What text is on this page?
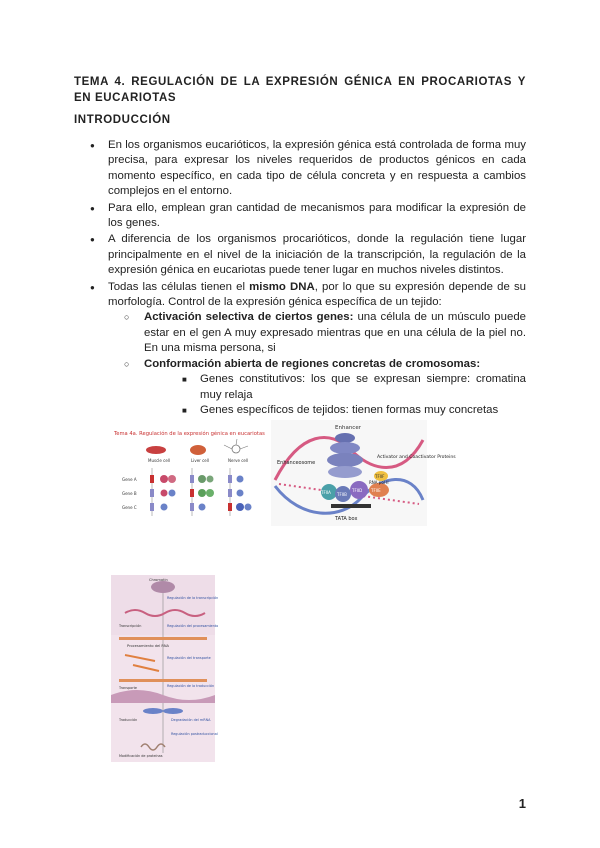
TEMA 4. REGULACIÓN DE LA EXPRESIÓN GÉNICA EN PROCARIOTAS Y EN EUCARIOTAS
INTRODUCCIÓN
● En los organismos eucarióticos, la expresión génica está controlada de forma muy precisa, para expresar los niveles requeridos de productos génicos en cada momento específico, en cada tipo de célula concreta y en respuesta a cambios complejos en el entorno.
● Para ello, emplean gran cantidad de mecanismos para modificar la expresión de los genes.
● A diferencia de los organismos procarióticos, donde la regulación tiene lugar principalmente en el nivel de la iniciación de la transcripción, la regulación de la expresión génica en eucariotas puede tener lugar en muchos niveles distintos.
● Todas las células tienen el mismo DNA, por lo que su expresión depende de su morfología. Control de la expresión génica específica de un tejido:
○ Activación selectiva de ciertos genes: una célula de un músculo puede estar en el gen A muy expresado mientras que en una célula de la piel no. En una misma persona, si
○ Conformación abierta de regiones concretas de cromosomas:
■ Genes constitutivos: los que se expresan siempre: cromatina muy relaja
■ Genes específicos de tejidos: tienen formas muy concretas
Tema 4a. Regulación de la expresión génica en eucariotas
Muscle cell	Liver cell	Nerve cell
Gene A
Gene B
Gene C
Enhancer
Enhanceosome
Activator and Coactivator Proteins
TFIIA TFIIB
TFIID TFIIE
TFIIF
RNA pol II
TATA box
Chromatin
Regulación de la transcripción
Transcripción	Regulación del procesamiento
Procesamiento del RNA
Regulación del transporte
Transporte	Regulación de la traducción
Traducción	Degradación del mRNA
Regulación postraduccional
Modificación de proteínas
1
